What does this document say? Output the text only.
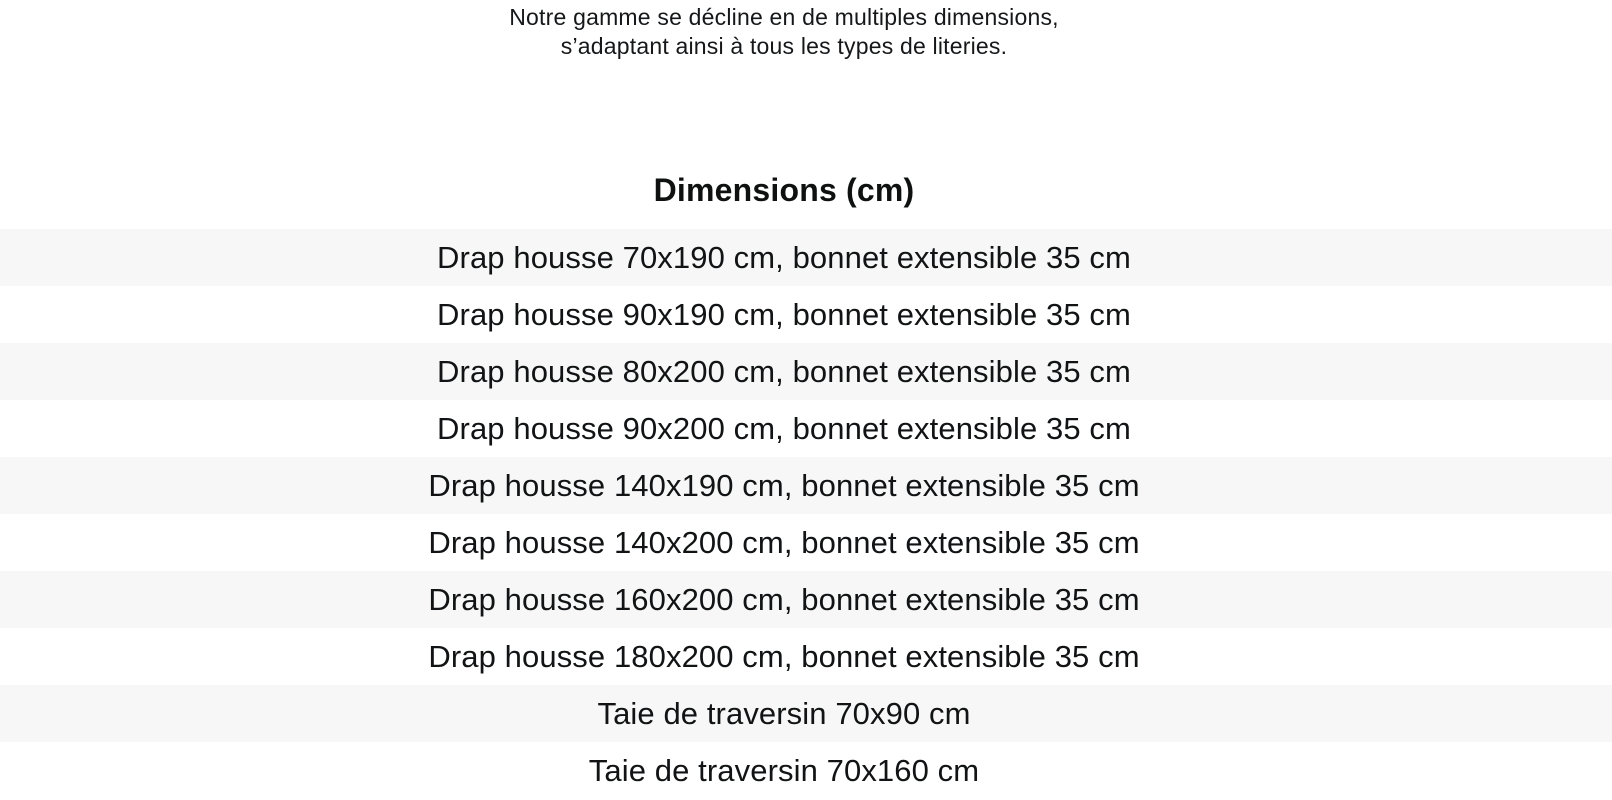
Notre gamme se décline en de multiples dimensions,
s’adaptant ainsi à tous les types de literies.

Dimensions (cm)
Drap housse 70x190 cm, bonnet extensible 35 cm
Drap housse 90x190 cm, bonnet extensible 35 cm
Drap housse 80x200 cm, bonnet extensible 35 cm
Drap housse 90x200 cm, bonnet extensible 35 cm
Drap housse 140x190 cm, bonnet extensible 35 cm
Drap housse 140x200 cm, bonnet extensible 35 cm
Drap housse 160x200 cm, bonnet extensible 35 cm
Drap housse 180x200 cm, bonnet extensible 35 cm
Taie de traversin 70x90 cm
Taie de traversin 70x160 cm
